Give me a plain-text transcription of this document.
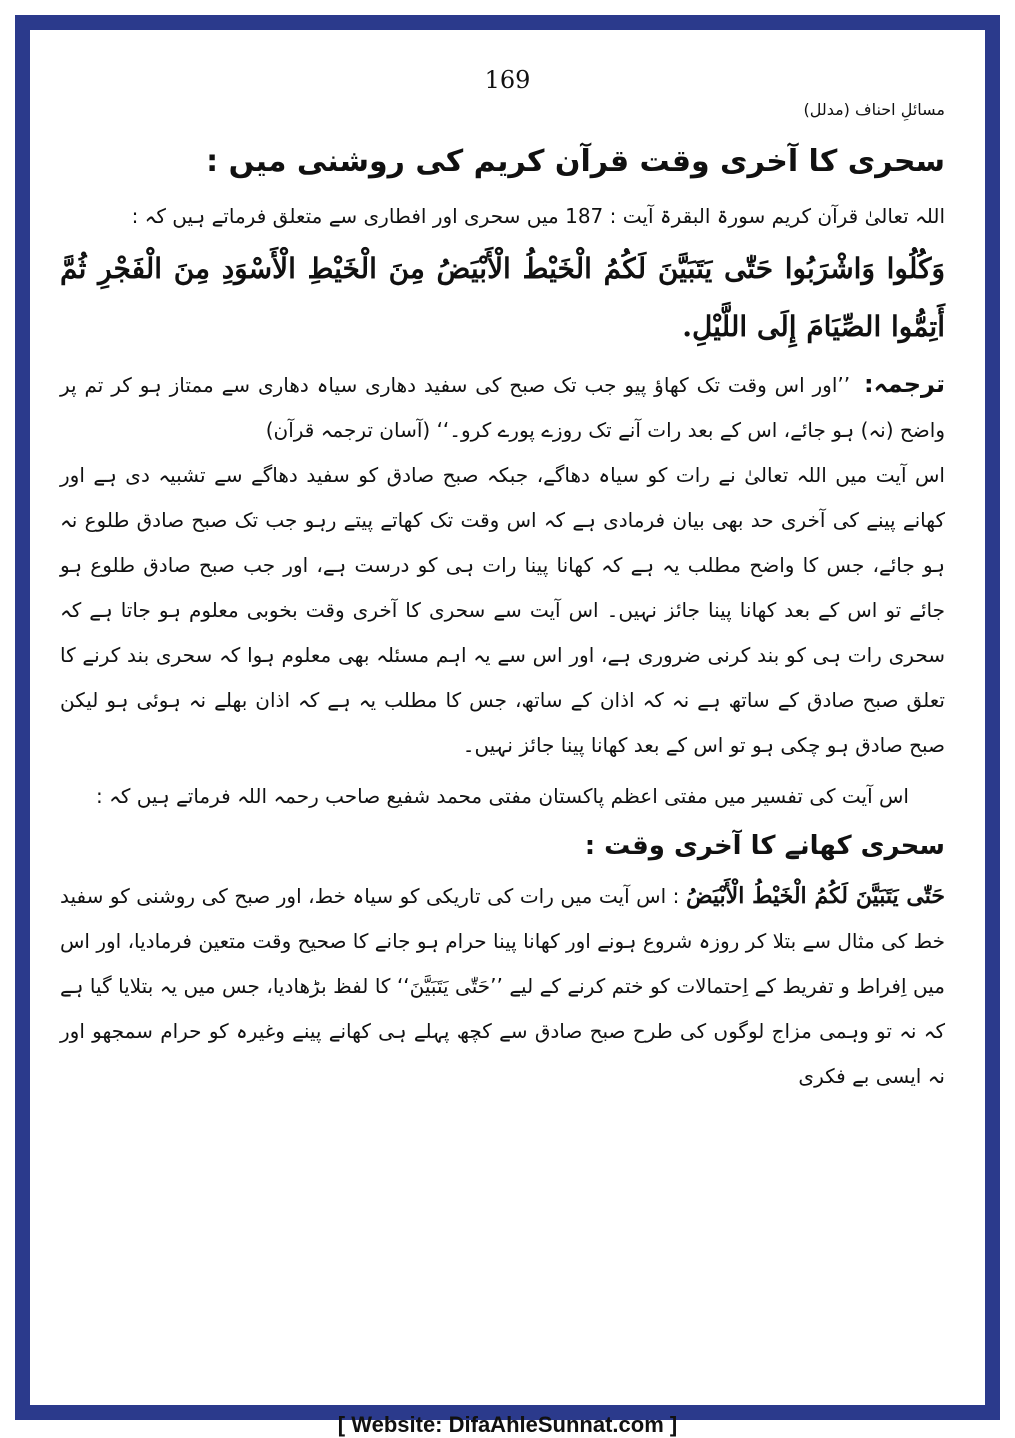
169
مسائلِ احناف (مدلل)
سحری کا آخری وقت قرآن کریم کی روشنی میں :
اللہ تعالیٰ قرآن کریم سورۃ البقرۃ آیت : 187 میں سحری اور افطاری سے متعلق فرماتے ہیں کہ :
وَكُلُوا وَاشْرَبُوا حَتّٰى يَتَبَيَّنَ لَكُمُ الْخَيْطُ الْأَبْيَضُ مِنَ الْخَيْطِ الْأَسْوَدِ مِنَ الْفَجْرِ ثُمَّ أَتِمُّوا الصِّيَامَ إِلَى اللَّيْلِ.

ترجمہ: ’’اور اس وقت تک کھاؤ پیو جب تک صبح کی سفید دھاری سیاہ دھاری سے ممتاز ہو کر تم پر واضح (نہ) ہو جائے، اس کے بعد رات آنے تک روزے پورے کرو۔‘‘ (آسان ترجمہ قرآن)

اس آیت میں اللہ تعالیٰ نے رات کو سیاہ دھاگے، جبکہ صبح صادق کو سفید دھاگے سے تشبیہ دی ہے اور کھانے پینے کی آخری حد بھی بیان فرمادی ہے کہ اس وقت تک کھاتے پیتے رہو جب تک صبح صادق طلوع نہ ہو جائے، جس کا واضح مطلب یہ ہے کہ کھانا پینا رات ہی کو درست ہے، اور جب صبح صادق طلوع ہو جائے تو اس کے بعد کھانا پینا جائز نہیں۔ اس آیت سے سحری کا آخری وقت بخوبی معلوم ہو جاتا ہے کہ سحری رات ہی کو بند کرنی ضروری ہے، اور اس سے یہ اہم مسئلہ بھی معلوم ہوا کہ سحری بند کرنے کا تعلق صبح صادق کے ساتھ ہے نہ کہ اذان کے ساتھ، جس کا مطلب یہ ہے کہ اذان بھلے نہ ہوئی ہو لیکن صبح صادق ہو چکی ہو تو اس کے بعد کھانا پینا جائز نہیں۔

اس آیت کی تفسیر میں مفتی اعظم پاکستان مفتی محمد شفیع صاحب رحمہ اللہ فرماتے ہیں کہ :
سحری کھانے کا آخری وقت :

حَتّٰى يَتَبَيَّنَ لَكُمُ الْخَيْطُ الْأَبْيَضُ : اس آیت میں رات کی تاریکی کو سیاہ خط، اور صبح کی روشنی کو سفید خط کی مثال سے بتلا کر روزہ شروع ہونے اور کھانا پینا حرام ہو جانے کا صحیح وقت متعین فرمادیا، اور اس میں اِفراط و تفریط کے اِحتمالات کو ختم کرنے کے لیے ’’حَتّٰى يَتَبَيَّنَ‘‘ کا لفظ بڑھادیا، جس میں یہ بتلایا گیا ہے کہ نہ تو وہمی مزاج لوگوں کی طرح صبح صادق سے کچھ پہلے ہی کھانے پینے وغیرہ کو حرام سمجھو اور نہ ایسی بے فکری

[ Website: DifaAhleSunnat.com ]
